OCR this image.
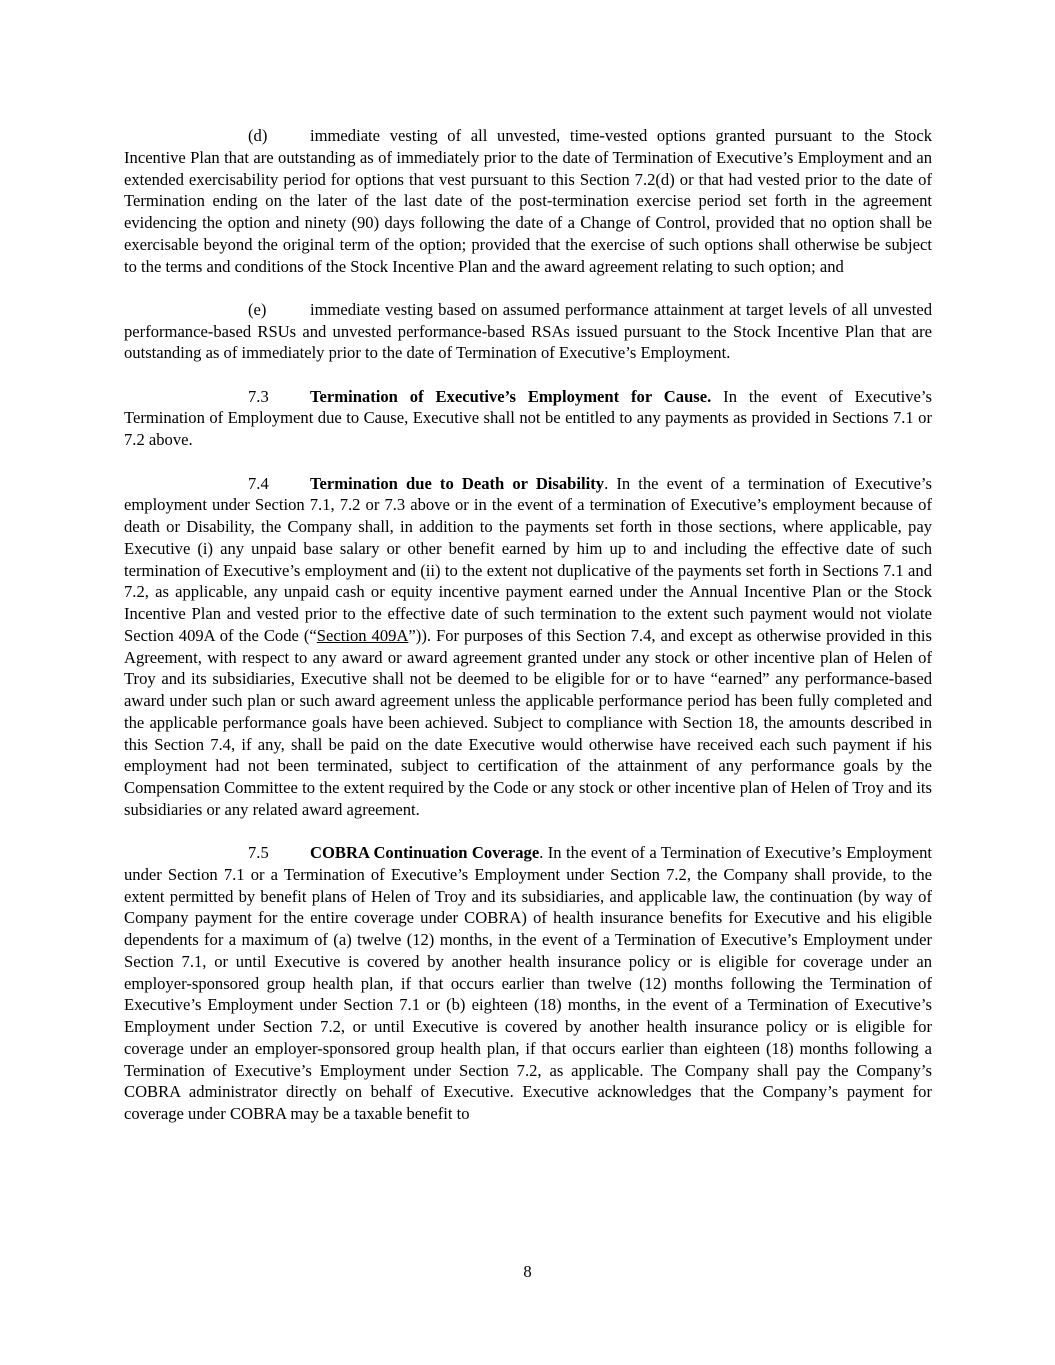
(d)	immediate vesting of all unvested, time-vested options granted pursuant to the Stock Incentive Plan that are outstanding as of immediately prior to the date of Termination of Executive’s Employment and an extended exercisability period for options that vest pursuant to this Section 7.2(d) or that had vested prior to the date of Termination ending on the later of the last date of the post-termination exercise period set forth in the agreement evidencing the option and ninety (90) days following the date of a Change of Control, provided that no option shall be exercisable beyond the original term of the option; provided that the exercise of such options shall otherwise be subject to the terms and conditions of the Stock Incentive Plan and the award agreement relating to such option; and

(e)	immediate vesting based on assumed performance attainment at target levels of all unvested performance-based RSUs and unvested performance-based RSAs issued pursuant to the Stock Incentive Plan that are outstanding as of immediately prior to the date of Termination of Executive’s Employment.

7.3 Termination of Executive’s Employment for Cause. In the event of Executive’s Termination of Employment due to Cause, Executive shall not be entitled to any payments as provided in Sections 7.1 or 7.2 above.

7.4 Termination due to Death or Disability. In the event of a termination of Executive’s employment under Section 7.1, 7.2 or 7.3 above or in the event of a termination of Executive’s employment because of death or Disability, the Company shall, in addition to the payments set forth in those sections, where applicable, pay Executive (i) any unpaid base salary or other benefit earned by him up to and including the effective date of such termination of Executive’s employment and (ii) to the extent not duplicative of the payments set forth in Sections 7.1 and 7.2, as applicable, any unpaid cash or equity incentive payment earned under the Annual Incentive Plan or the Stock Incentive Plan and vested prior to the effective date of such termination to the extent such payment would not violate Section 409A of the Code (“Section 409A”)). For purposes of this Section 7.4, and except as otherwise provided in this Agreement, with respect to any award or award agreement granted under any stock or other incentive plan of Helen of Troy and its subsidiaries, Executive shall not be deemed to be eligible for or to have “earned” any performance-based award under such plan or such award agreement unless the applicable performance period has been fully completed and the applicable performance goals have been achieved. Subject to compliance with Section 18, the amounts described in this Section 7.4, if any, shall be paid on the date Executive would otherwise have received each such payment if his employment had not been terminated, subject to certification of the attainment of any performance goals by the Compensation Committee to the extent required by the Code or any stock or other incentive plan of Helen of Troy and its subsidiaries or any related award agreement.

7.5 COBRA Continuation Coverage. In the event of a Termination of Executive’s Employment under Section 7.1 or a Termination of Executive’s Employment under Section 7.2, the Company shall provide, to the extent permitted by benefit plans of Helen of Troy and its subsidiaries, and applicable law, the continuation (by way of Company payment for the entire coverage under COBRA) of health insurance benefits for Executive and his eligible dependents for a maximum of (a) twelve (12) months, in the event of a Termination of Executive’s Employment under Section 7.1, or until Executive is covered by another health insurance policy or is eligible for coverage under an employer-sponsored group health plan, if that occurs earlier than twelve (12) months following the Termination of Executive’s Employment under Section 7.1 or (b) eighteen (18) months, in the event of a Termination of Executive’s Employment under Section 7.2, or until Executive is covered by another health insurance policy or is eligible for coverage under an employer-sponsored group health plan, if that occurs earlier than eighteen (18) months following a Termination of Executive’s Employment under Section 7.2, as applicable. The Company shall pay the Company’s COBRA administrator directly on behalf of Executive. Executive acknowledges that the Company’s payment for coverage under COBRA may be a taxable benefit to

8
